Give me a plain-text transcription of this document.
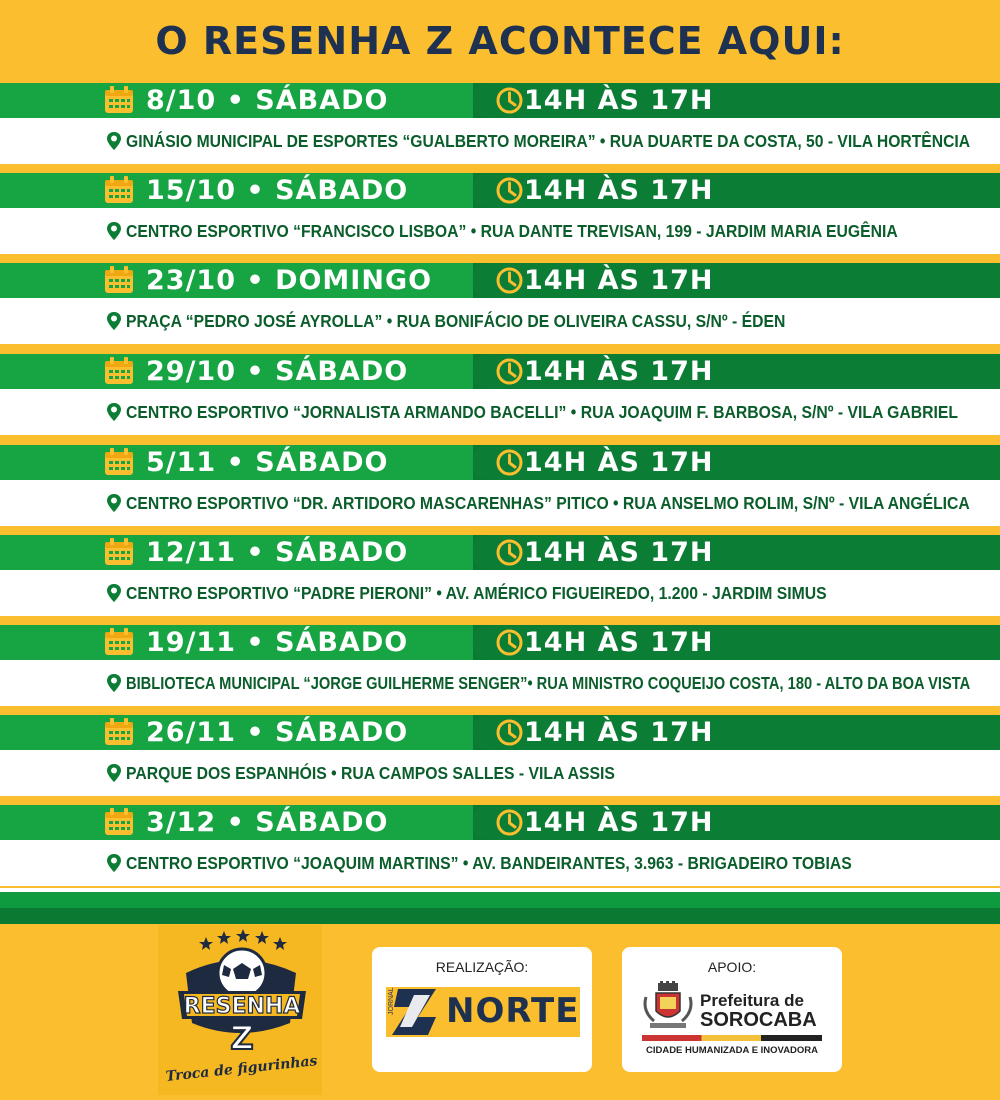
O RESENHA Z ACONTECE AQUI:
8/10 • SÁBADO	14H ÀS 17H
GINÁSIO MUNICIPAL DE ESPORTES “GUALBERTO MOREIRA” • RUA DUARTE DA COSTA, 50 - VILA HORTÊNCIA
15/10 • SÁBADO	14H ÀS 17H
CENTRO ESPORTIVO “FRANCISCO LISBOA” • RUA DANTE TREVISAN, 199 - JARDIM MARIA EUGÊNIA
23/10 • DOMINGO	14H ÀS 17H
PRAÇA “PEDRO JOSÉ AYROLLA” • RUA BONIFÁCIO DE OLIVEIRA CASSU, S/Nº - ÉDEN
29/10 • SÁBADO	14H ÀS 17H
CENTRO ESPORTIVO “JORNALISTA ARMANDO BACELLI” • RUA JOAQUIM F. BARBOSA, S/Nº - VILA GABRIEL
5/11 • SÁBADO	14H ÀS 17H
CENTRO ESPORTIVO “DR. ARTIDORO MASCARENHAS” PITICO • RUA ANSELMO ROLIM, S/Nº - VILA ANGÉLICA
12/11 • SÁBADO	14H ÀS 17H
CENTRO ESPORTIVO “PADRE PIERONI” • AV. AMÉRICO FIGUEIREDO, 1.200 - JARDIM SIMUS
19/11 • SÁBADO	14H ÀS 17H
BIBLIOTECA MUNICIPAL “JORGE GUILHERME SENGER”• RUA MINISTRO COQUEIJO COSTA, 180 - ALTO DA BOA VISTA
26/11 • SÁBADO	14H ÀS 17H
PARQUE DOS ESPANHÓIS • RUA CAMPOS SALLES - VILA ASSIS
3/12 • SÁBADO	14H ÀS 17H
CENTRO ESPORTIVO “JOAQUIM MARTINS” • AV. BANDEIRANTES, 3.963 - BRIGADEIRO TOBIAS
RESENHA
Z
Troca de figurinhas
REALIZAÇÃO:
JORNAL NORTE
APOIO:
Prefeitura de
SOROCABA
CIDADE HUMANIZADA E INOVADORA
